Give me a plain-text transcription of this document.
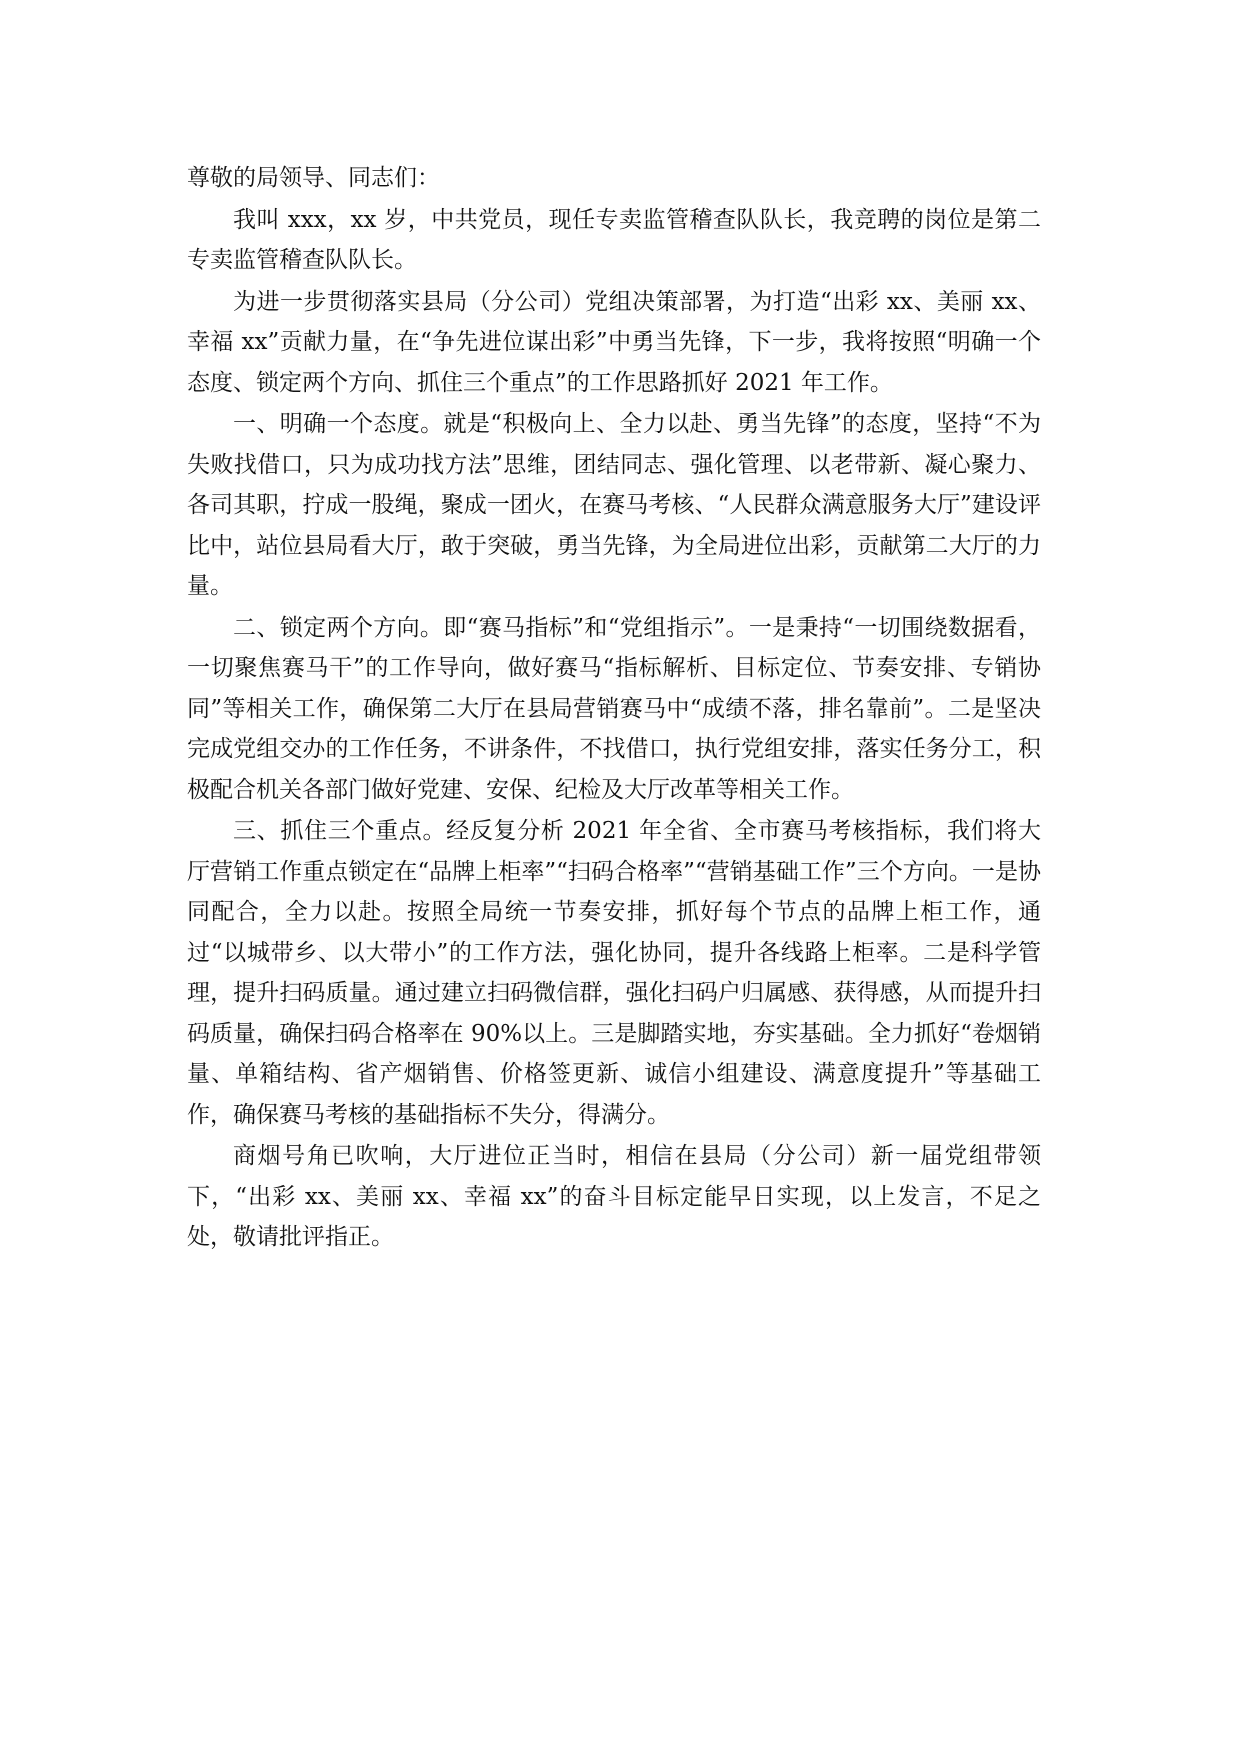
尊敬的局领导、同志们：

我叫 xxx，xx 岁，中共党员，现任专卖监管稽查队队长，我竞聘的岗位是第二专卖监管稽查队队长。

为进一步贯彻落实县局（分公司）党组决策部署，为打造“出彩 xx、美丽 xx、幸福 xx”贡献力量，在“争先进位谋出彩”中勇当先锋，下一步，我将按照“明确一个态度、锁定两个方向、抓住三个重点”的工作思路抓好 2021 年工作。

一、明确一个态度。就是“积极向上、全力以赴、勇当先锋”的态度，坚持“不为失败找借口，只为成功找方法”思维，团结同志、强化管理、以老带新、凝心聚力、各司其职，拧成一股绳，聚成一团火，在赛马考核、“人民群众满意服务大厅”建设评比中，站位县局看大厅，敢于突破，勇当先锋，为全局进位出彩，贡献第二大厅的力量。

二、锁定两个方向。即“赛马指标”和“党组指示”。一是秉持“一切围绕数据看，一切聚焦赛马干”的工作导向，做好赛马“指标解析、目标定位、节奏安排、专销协同”等相关工作，确保第二大厅在县局营销赛马中“成绩不落，排名靠前”。二是坚决完成党组交办的工作任务，不讲条件，不找借口，执行党组安排，落实任务分工，积极配合机关各部门做好党建、安保、纪检及大厅改革等相关工作。

三、抓住三个重点。经反复分析 2021 年全省、全市赛马考核指标，我们将大厅营销工作重点锁定在“品牌上柜率”“扫码合格率”“营销基础工作”三个方向。一是协同配合，全力以赴。按照全局统一节奏安排，抓好每个节点的品牌上柜工作，通过“以城带乡、以大带小”的工作方法，强化协同，提升各线路上柜率。二是科学管理，提升扫码质量。通过建立扫码微信群，强化扫码户归属感、获得感，从而提升扫码质量，确保扫码合格率在 90%以上。三是脚踏实地，夯实基础。全力抓好“卷烟销量、单箱结构、省产烟销售、价格签更新、诚信小组建设、满意度提升”等基础工作，确保赛马考核的基础指标不失分，得满分。

商烟号角已吹响，大厅进位正当时，相信在县局（分公司）新一届党组带领下，“出彩 xx、美丽 xx、幸福 xx”的奋斗目标定能早日实现，以上发言，不足之处，敬请批评指正。
